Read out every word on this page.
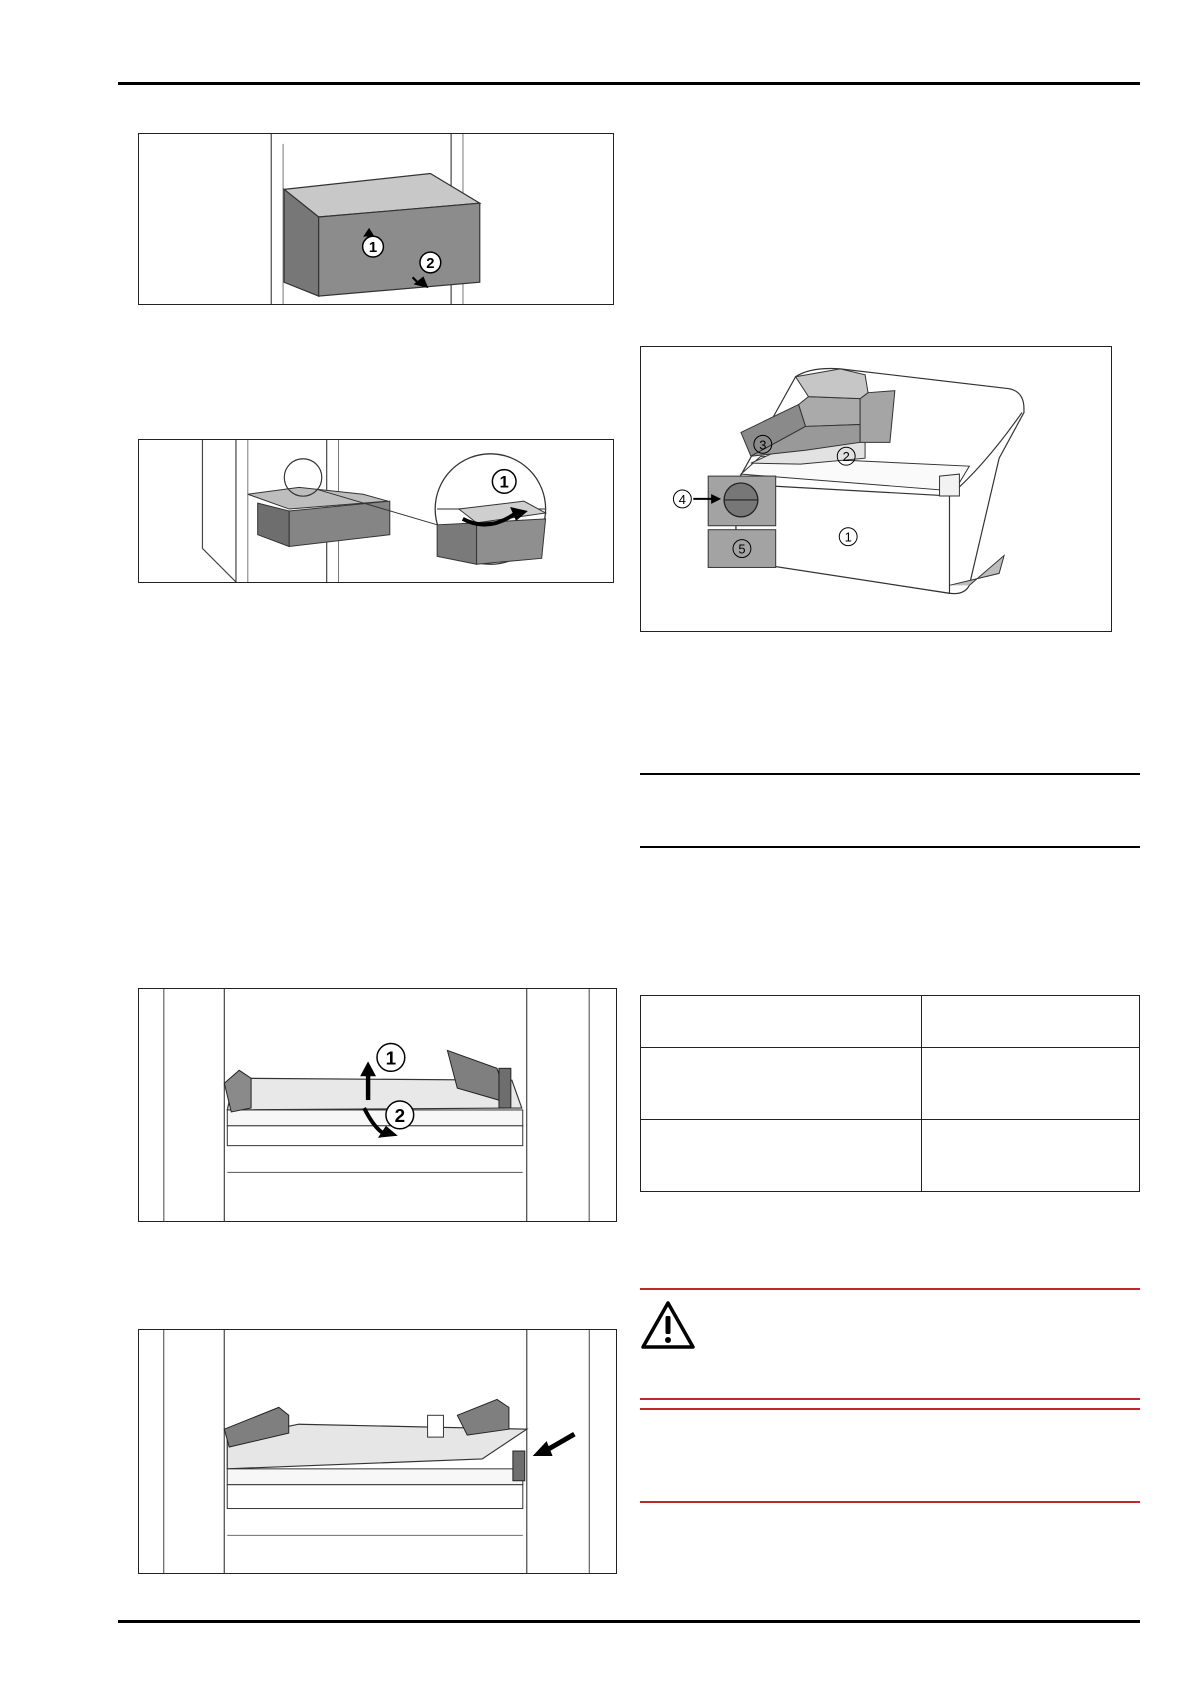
1
2
1
1
2
3
4
5

1
2
